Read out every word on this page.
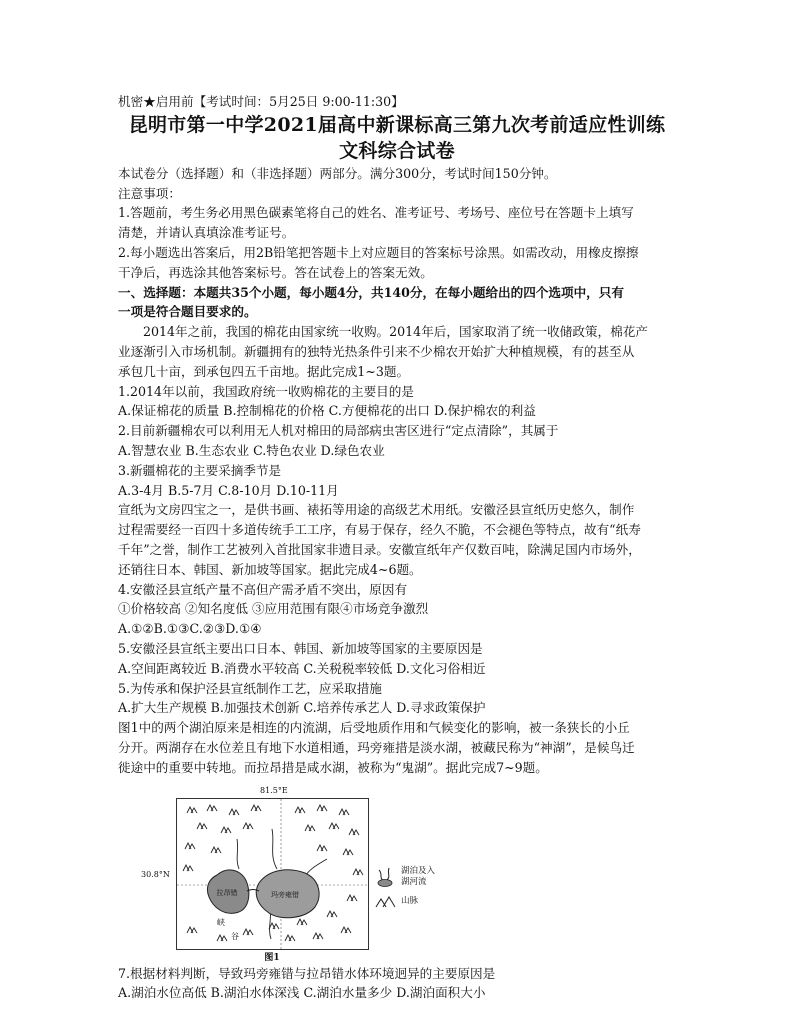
机密★启用前【考试时间：5月25日 9:00-11:30】
昆明市第一中学2021届高中新课标高三第九次考前适应性训练
文科综合试卷
本试卷分（选择题）和（非选择题）两部分。满分300分，考试时间150分钟。
注意事项：
1.答题前，考生务必用黑色碳素笔将自己的姓名、准考证号、考场号、座位号在答题卡上填写
清楚，并请认真填涂准考证号。
2.每小题选出答案后，用2B铅笔把答题卡上对应题目的答案标号涂黑。如需改动，用橡皮擦擦
干净后，再选涂其他答案标号。答在试卷上的答案无效。
一、选择题：本题共35个小题，每小题4分，共140分，在每小题给出的四个选项中，只有
一项是符合题目要求的。
2014年之前，我国的棉花由国家统一收购。2014年后，国家取消了统一收储政策，棉花产
业逐渐引入市场机制。新疆拥有的独特光热条件引来不少棉农开始扩大种植规模，有的甚至从
承包几十亩，到承包四五千亩地。据此完成1~3题。
1.2014年以前，我国政府统一收购棉花的主要目的是
A.保证棉花的质量 B.控制棉花的价格 C.方便棉花的出口 D.保护棉农的利益
2.目前新疆棉农可以利用无人机对棉田的局部病虫害区进行“定点清除”，其属于
A.智慧农业 B.生态农业 C.特色农业 D.绿色农业
3.新疆棉花的主要采摘季节是
A.3-4月 B.5-7月 C.8-10月 D.10-11月
宣纸为文房四宝之一，是供书画、裱拓等用途的高级艺术用纸。安徽泾县宣纸历史悠久，制作
过程需要经一百四十多道传统手工工序，有易于保存，经久不脆，不会褪色等特点，故有“纸寿
千年”之誉，制作工艺被列入首批国家非遗目录。安徽宣纸年产仅数百吨，除满足国内市场外，
还销往日本、韩国、新加坡等国家。据此完成4~6题。
4.安徽泾县宣纸产量不高但产需矛盾不突出，原因有
①价格较高 ②知名度低 ③应用范围有限④市场竞争激烈
A.①②B.①③C.②③D.①④
5.安徽泾县宣纸主要出口日本、韩国、新加坡等国家的主要原因是
A.空间距离较近 B.消费水平较高 C.关税税率较低 D.文化习俗相近
5.为传承和保护泾县宣纸制作工艺，应采取措施
A.扩大生产规模 B.加强技术创新 C.培养传承艺人 D.寻求政策保护
图1中的两个湖泊原来是相连的内流湖，后受地质作用和气候变化的影响，被一条狭长的小丘
分开。两湖存在水位差且有地下水道相通，玛旁雍措是淡水湖，被藏民称为“神湖”，是候鸟迁
徙途中的重要中转地。而拉昂措是咸水湖，被称为“鬼湖”。据此完成7~9题。
81.5°E
30.8°N
玛旁雍错
拉昂错
峡
谷
湖泊及入湖河流
山脉
图1
7.根据材料判断，导致玛旁雍错与拉昂错水体环境迥异的主要原因是
A.湖泊水位高低 B.湖泊水体深浅 C.湖泊水量多少 D.湖泊面积大小
